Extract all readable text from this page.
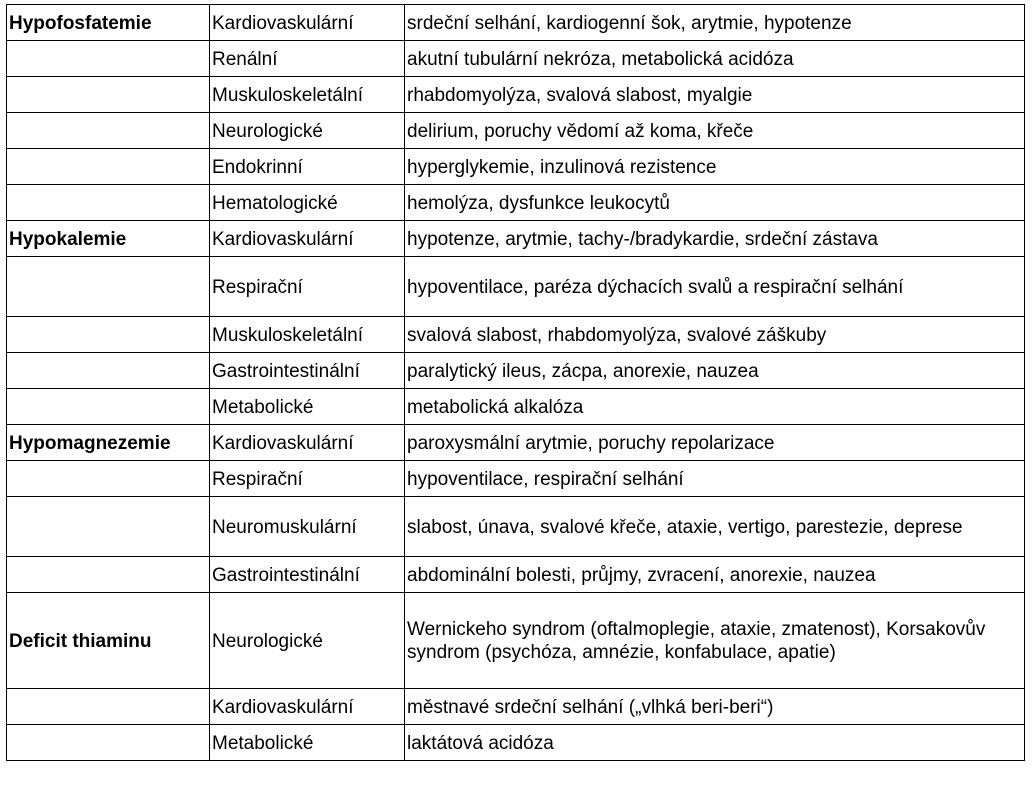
Hypofosfatemie	Kardiovaskulární	srdeční selhání, kardiogenní šok, arytmie, hypotenze
	Renální	akutní tubulární nekróza, metabolická acidóza
	Muskuloskeletální	rhabdomyolýza, svalová slabost, myalgie
	Neurologické	delirium, poruchy vědomí až koma, křeče
	Endokrinní	hyperglykemie, inzulinová rezistence
	Hematologické	hemolýza, dysfunkce leukocytů
Hypokalemie	Kardiovaskulární	hypotenze, arytmie, tachy-/bradykardie, srdeční zástava
	Respirační	hypoventilace, paréza dýchacích svalů a respirační selhání
	Muskuloskeletální	svalová slabost, rhabdomyolýza, svalové záškuby
	Gastrointestinální	paralytický ileus, zácpa, anorexie, nauzea
	Metabolické	metabolická alkalóza
Hypomagnezemie	Kardiovaskulární	paroxysmální arytmie, poruchy repolarizace
	Respirační	hypoventilace, respirační selhání
	Neuromuskulární	slabost, únava, svalové křeče, ataxie, vertigo, parestezie, deprese
	Gastrointestinální	abdominální bolesti, průjmy, zvracení, anorexie, nauzea
Deficit thiaminu	Neurologické	Wernickeho syndrom (oftalmoplegie, ataxie, zmatenost), Korsakovův syndrom (psychóza, amnézie, konfabulace, apatie)
	Kardiovaskulární	městnavé srdeční selhání („vlhká beri-beri“)
	Metabolické	laktátová acidóza
